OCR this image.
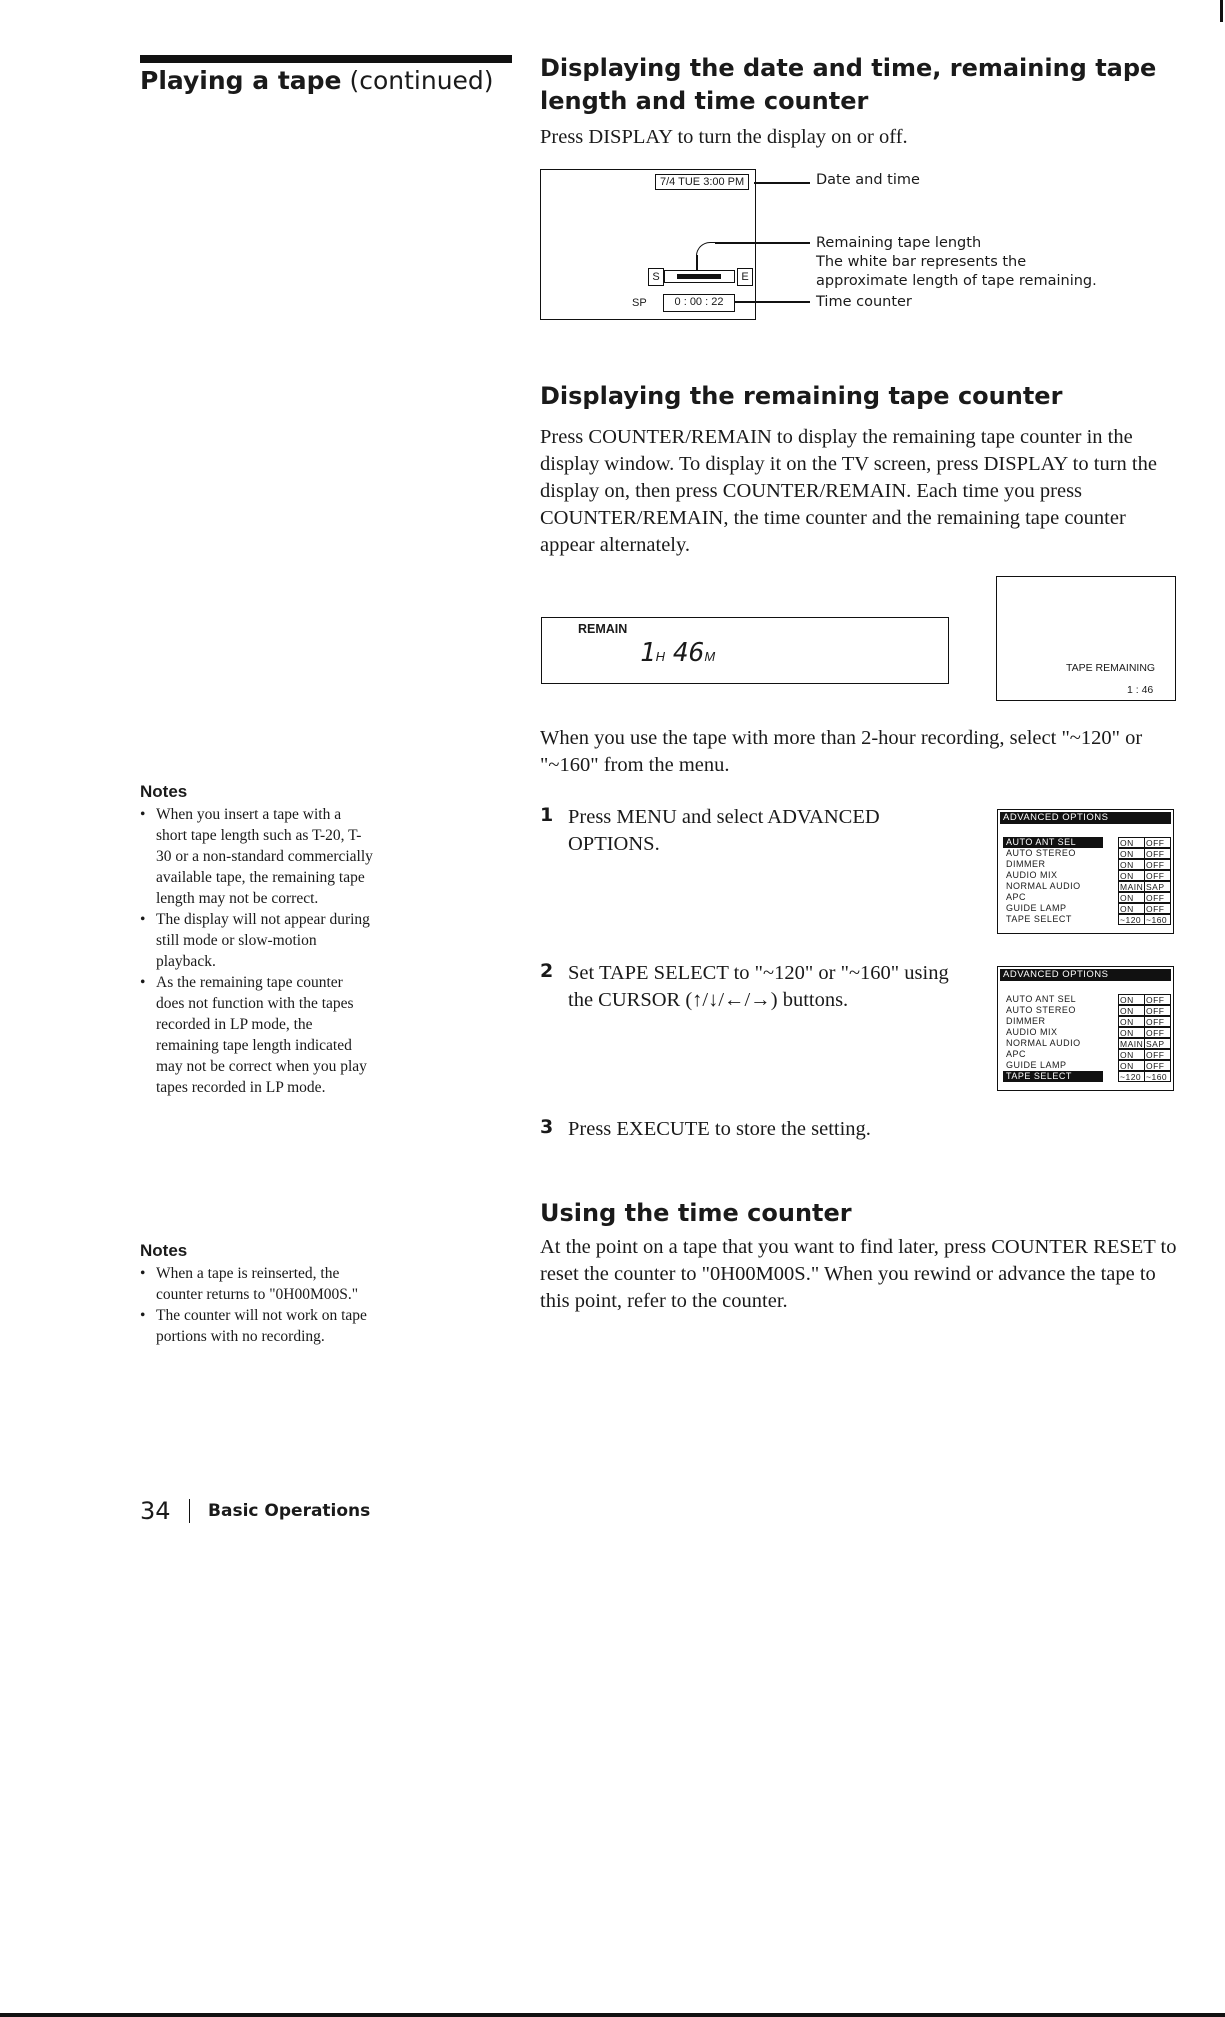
Playing a tape (continued) Displaying the date and time, remaining tape length and time counter
Press DISPLAY to turn the display on or off.
7/4 TUE 3:00 PM	Date and time
S	E
Remaining tape length
The white bar represents the approximate length of tape remaining.
SP	0 : 00 : 22	Time counter
Displaying the remaining tape counter
Press COUNTER/REMAIN to display the remaining tape counter in the display window. To display it on the TV screen, press DISPLAY to turn the display on, then press COUNTER/REMAIN. Each time you press COUNTER/REMAIN, the time counter and the remaining tape counter appear alternately.
REMAIN
1H 46M
TAPE REMAINING
1 : 46
When you use the tape with more than 2-hour recording, select "~120" or "~160" from the menu.
1 Press MENU and select ADVANCED OPTIONS.
2 Set TAPE SELECT to "~120" or "~160" using the CURSOR (↑/↓/←/→) buttons.
3 Press EXECUTE to store the setting.
ADVANCED OPTIONS
AUTO ANT SEL	ON	OFF
AUTO STEREO	ON	OFF
DIMMER	ON	OFF
AUDIO MIX	ON	OFF
NORMAL AUDIO	MAIN SAP
APC	ON	OFF
GUIDE LAMP	ON	OFF
TAPE SELECT	~120 ~160
ADVANCED OPTIONS
AUTO ANT SEL	ON	OFF
AUTO STEREO	ON	OFF
DIMMER	ON	OFF
AUDIO MIX	ON	OFF
NORMAL AUDIO	MAIN SAP
APC	ON	OFF
GUIDE LAMP	ON	OFF
TAPE SELECT	~120 ~160
Using the time counter
At the point on a tape that you want to find later, press COUNTER RESET to reset the counter to "0H00M00S." When you rewind or advance the tape to this point, refer to the counter.
Notes
• When you insert a tape with a short tape length such as T-20, T-30 or a non-standard commercially available tape, the remaining tape length may not be correct.
• The display will not appear during still mode or slow-motion playback.
• As the remaining tape counter does not function with the tapes recorded in LP mode, the remaining tape length indicated may not be correct when you play tapes recorded in LP mode.
Notes
• When a tape is reinserted, the counter returns to "0H00M00S."
• The counter will not work on tape portions with no recording.
34 Basic Operations
